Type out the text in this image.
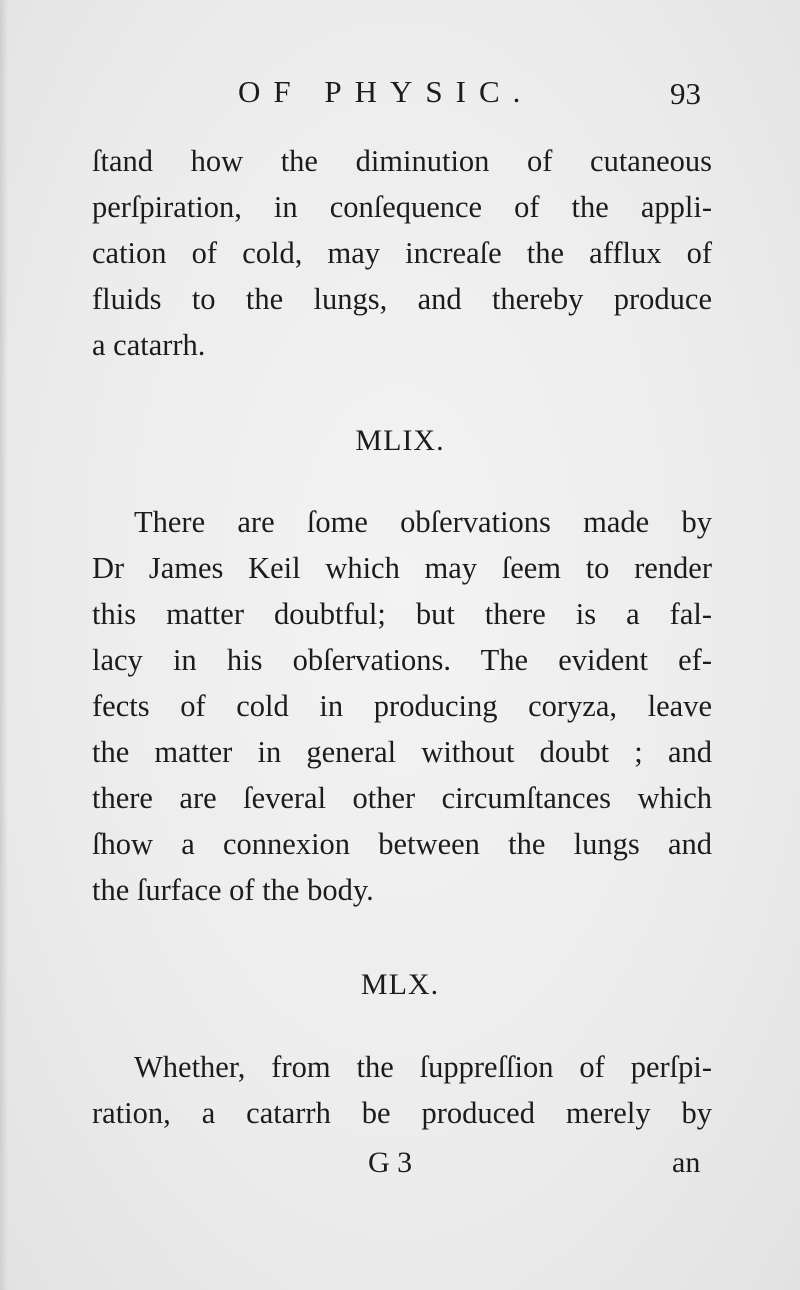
OF PHYSIC.	93
ſtand how the diminution of cutaneous
perſpiration, in conſequence of the appli-
cation of cold, may increaſe the afflux of
fluids to the lungs, and thereby produce
a catarrh.
MLIX.
There are ſome obſervations made by
Dr James Keil which may ſeem to render
this matter doubtful; but there is a fal-
lacy in his obſervations. The evident ef-
fects of cold in producing coryza, leave
the matter in general without doubt ; and
there are ſeveral other circumſtances which
ſhow a connexion between the lungs and
the ſurface of the body.
MLX.
Whether, from the ſuppreſſion of perſpi-
ration, a catarrh be produced merely by
G 3	an
